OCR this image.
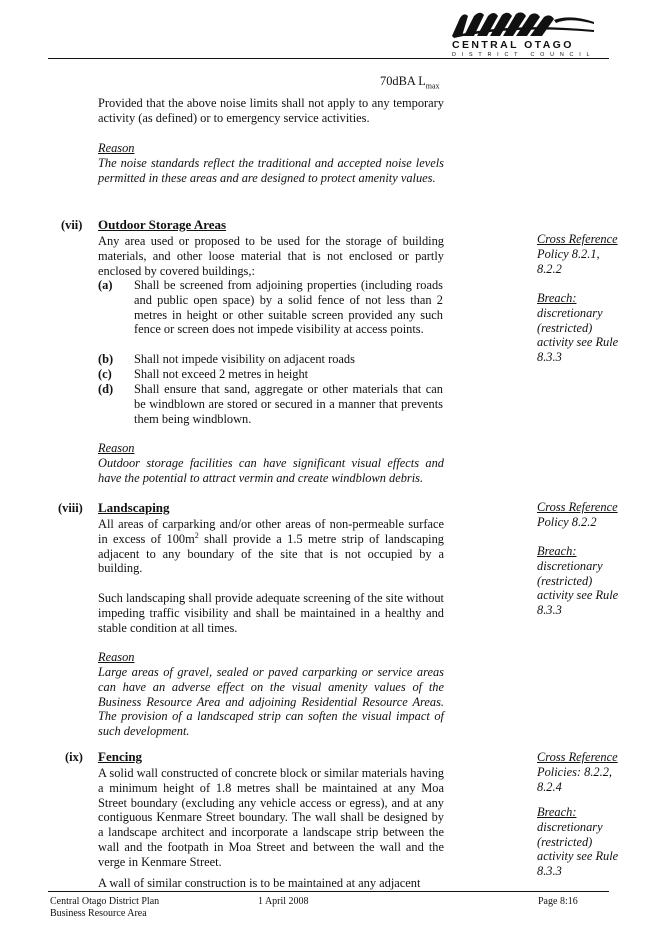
CENTRAL OTAGO
DISTRICT COUNCIL
70dBA $L_{max}$
Provided that the above noise limits shall not apply to any temporary activity (as defined) or to emergency service activities.
Reason
The noise standards reflect the traditional and accepted noise levels permitted in these areas and are designed to protect amenity values.
(vii) Outdoor Storage Areas
Any area used or proposed to be used for the storage of building materials, and other loose material that is not enclosed or partly enclosed by covered buildings,:
(a)	Shall be screened from adjoining properties (including roads and public open space) by a solid fence of not less than 2 metres in height or other suitable screen provided any such fence or screen does not impede visibility at access points.
(b)	Shall not impede visibility on adjacent roads
(c)	Shall not exceed 2 metres in height
(d)	Shall ensure that sand, aggregate or other materials that can be windblown are stored or secured in a manner that prevents them being windblown.
Reason
Outdoor storage facilities can have significant visual effects and have the potential to attract vermin and create windblown debris.
Cross Reference
Policy 8.2.1, 8.2.2
Breach:
discretionary (restricted) activity see Rule 8.3.3
(viii) Landscaping
All areas of carparking and/or other areas of non-permeable surface in excess of $100m^2$ shall provide a 1.5 metre strip of landscaping adjacent to any boundary of the site that is not occupied by a building.
Such landscaping shall provide adequate screening of the site without impeding traffic visibility and shall be maintained in a healthy and stable condition at all times.
Reason
Large areas of gravel, sealed or paved carparking or service areas can have an adverse effect on the visual amenity values of the Business Resource Area and adjoining Residential Resource Areas. The provision of a landscaped strip can soften the visual impact of such development.
Cross Reference
Policy 8.2.2
Breach:
discretionary (restricted) activity see Rule 8.3.3
(ix) Fencing
A solid wall constructed of concrete block or similar materials having a minimum height of 1.8 metres shall be maintained at any Moa Street boundary (excluding any vehicle access or egress), and at any contiguous Kenmare Street boundary. The wall shall be designed by a landscape architect and incorporate a landscape strip between the wall and the footpath in Moa Street and between the wall and the verge in Kenmare Street.
A wall of similar construction is to be maintained at any adjacent
Cross Reference
Policies: 8.2.2, 8.2.4
Breach:
discretionary (restricted) activity see Rule 8.3.3
Central Otago District Plan
Business Resource Area
1 April 2008	Page 8:16
